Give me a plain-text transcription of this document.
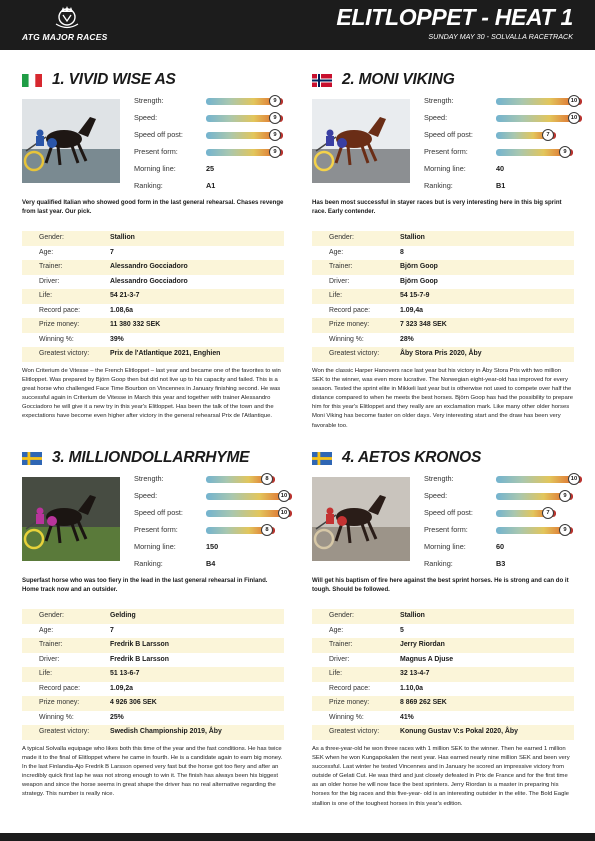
ATG MAJOR RACES
ELITLOPPET - HEAT 1
SUNDAY MAY 30 - SOLVALLA RACETRACK
1. VIVID WISE AS
Strength:	9
Speed:	9
Speed off post:	9
Present form:	9
Morning line:	25
Ranking:	A1
Very qualified Italian who showed good form in the last general rehearsal. Chases revenge from last year. Our pick.
Gender:	Stallion
Age:	7
Trainer:	Alessandro Gocciadoro
Driver:	Alessandro Gocciadoro
Life:	54 21-3-7
Record pace:	1.08,6a
Prize money:	11 380 332 SEK
Winning %:	39%
Greatest victory:	Prix de l'Atlantique 2021, Enghien
Won Criterium de Vitesse – the French Elitloppet – last year and became one of the favorites to win Elitloppet. Was prepared by Björn Goop then but did not live up to his capacity and failed. This is a great horse who challenged Face Time Bourbon on Vincennes in January finishing second. He was successful again in Criterium de Vitesse in March this year and together with trainer Alessandro Gocciadoro he will give it a new try in this year's Elitloppet. Has been the talk of the town and the expectations have become even higher after victory in the general rehearsal Prix de l'Atlantique.
2. MONI VIKING
Strength:	10
Speed:	10
Speed off post:	7
Present form:	9
Morning line:	40
Ranking:	B1
Has been most successful in stayer races but is very interesting here in this big sprint race. Early contender.
Gender:	Stallion
Age:	8
Trainer:	Björn Goop
Driver:	Björn Goop
Life:	54 15-7-9
Record pace:	1.09,4a
Prize money:	7 323 348 SEK
Winning %:	28%
Greatest victory:	Åby Stora Pris 2020, Åby
Won the classic Harper Hanovers race last year but his victory in Åby Stora Pris with two million SEK to the winner, was even more lucrative. The Norwegian eight-year-old has improved for every season. Tested the sprint elite in Mikkeli last year but is otherwise not used to compete over half the distance compared to when he meets the best horses. Björn Goop has had the possibility to prepare him for this year's Elitloppet and they really are an exclamation mark. Like many other older horses Moni Viking has become faster on older days. Very interesting start and the draw has been very favorable too.
3. MILLIONDOLLARRHYME
Strength:	8
Speed:	10
Speed off post:	10
Present form:	8
Morning line:	150
Ranking:	B4
Superfast horse who was too fiery in the lead in the last general rehearsal in Finland. Home track now and an outsider.
Gender:	Gelding
Age:	7
Trainer:	Fredrik B Larsson
Driver:	Fredrik B Larsson
Life:	51 13-6-7
Record pace:	1.09,2a
Prize money:	4 926 306 SEK
Winning %:	25%
Greatest victory:	Swedish Championship 2019, Åby
A typical Solvalla equipage who likes both this time of the year and the fast conditions. He has twice made it to the final of Elitloppet where he came in fourth. He is a candidate again to earn big money. In the last Finlandia-Ajo Fredrik B Larsson opened very fast but the horse got too fiery and after an incredibly quick first lap he was not strong enough to win it. The finish has always been his biggest weapon and since the horse seems in great shape the driver has no real alternative regarding the strategy. This number is really nice.
4. AETOS KRONOS
Strength:	10
Speed:	9
Speed off post:	7
Present form:	9
Morning line:	60
Ranking:	B3
Will get his baptism of fire here against the best sprint horses. He is strong and can do it tough. Should be followed.
Gender:	Stallion
Age:	5
Trainer:	Jerry Riordan
Driver:	Magnus A Djuse
Life:	32 13-4-7
Record pace:	1.10,0a
Prize money:	8 869 262 SEK
Winning %:	41%
Greatest victory:	Konung Gustav V:s Pokal 2020, Åby
As a three-year-old he won three races with 1 million SEK to the winner. Then he earned 1 million SEK when he won Kungapokalen the next year. Has earned nearly nine million SEK and been very successful. Last winter he tested Vincennes and in January he scored an impressive victory from outside of Gelati Cut. He was third and just closely defeated in Prix de France and for the first time as an older horse he will now face the best sprinters. Jerry Riordan is a master in preparing his horses for the big races and this five-year- old is an interesting outsider in the elite. The Bold Eagle stallion is one of the toughest horses in this year's edition.
